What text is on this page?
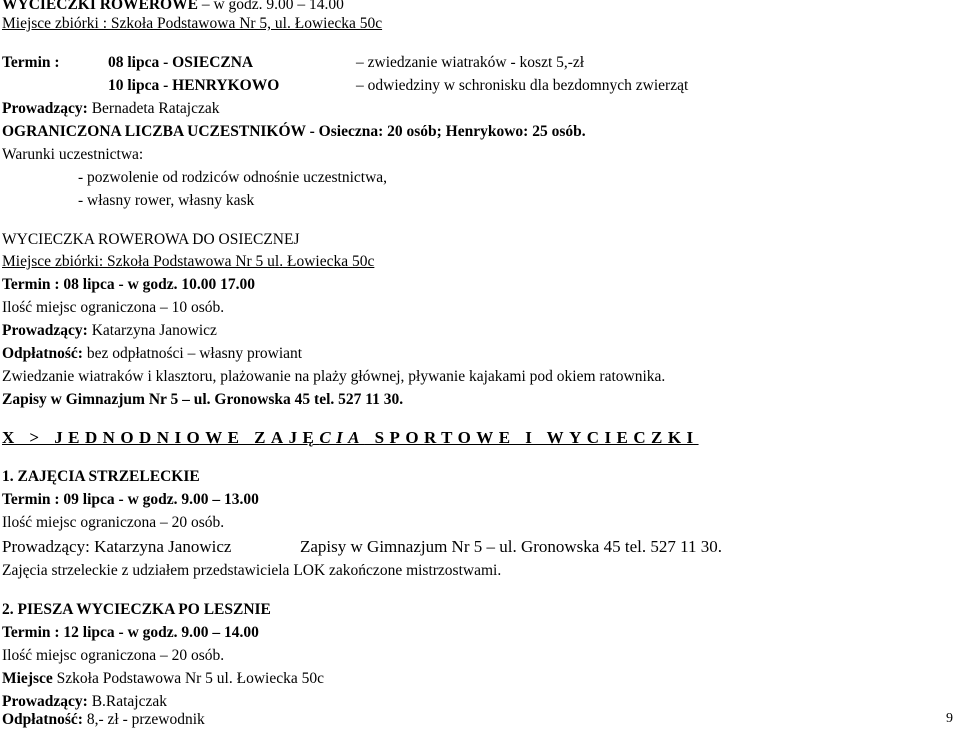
WYCIECZKI ROWEROWE – w godz. 9.00 – 14.00
Miejsce zbiórki : Szkoła Podstawowa Nr 5, ul. Łowiecka 50c
Termin :	08 lipca - OSIECZNA	– zwiedzanie wiatraków - koszt 5,-zł
10 lipca - HENRYKOWO	– odwiedziny w schronisku dla bezdomnych zwierząt
Prowadzący: Bernadeta Ratajczak
OGRANICZONA LICZBA UCZESTNIKÓW - Osieczna: 20 osób; Henrykowo: 25 osób.
Warunki uczestnictwa:
- pozwolenie od rodziców odnośnie uczestnictwa,
- własny rower, własny kask
WYCIECZKA ROWEROWA DO OSIECZNEJ
Miejsce zbiórki: Szkoła Podstawowa Nr 5 ul. Łowiecka 50c
Termin : 08 lipca - w godz. 10.00 17.00
Ilość miejsc ograniczona – 10 osób.
Prowadzący: Katarzyna Janowicz
Odpłatność: bez odpłatności – własny prowiant
Zwiedzanie wiatraków i klasztoru, plażowanie na plaży głównej, pływanie kajakami pod okiem ratownika.
Zapisy w Gimnazjum Nr 5 – ul. Gronowska 45 tel. 527 11 30.
X > JEDNODNIOWE ZAJĘCIA SPORTOWE I WYCIECZKI
1. ZAJĘCIA STRZELECKIE
Termin : 09 lipca - w godz. 9.00 – 13.00
Ilość miejsc ograniczona – 20 osób.
Prowadzący: Katarzyna Janowicz	Zapisy w Gimnazjum Nr 5 – ul. Gronowska 45 tel. 527 11 30.
Zajęcia strzeleckie z udziałem przedstawiciela LOK zakończone mistrzostwami.
2. PIESZA WYCIECZKA PO LESZNIE
Termin : 12 lipca - w godz. 9.00 – 14.00
Ilość miejsc ograniczona – 20 osób.
Miejsce Szkoła Podstawowa Nr 5 ul. Łowiecka 50c
Prowadzący: B.Ratajczak
Odpłatność: 8,- zł - przewodnik	9
